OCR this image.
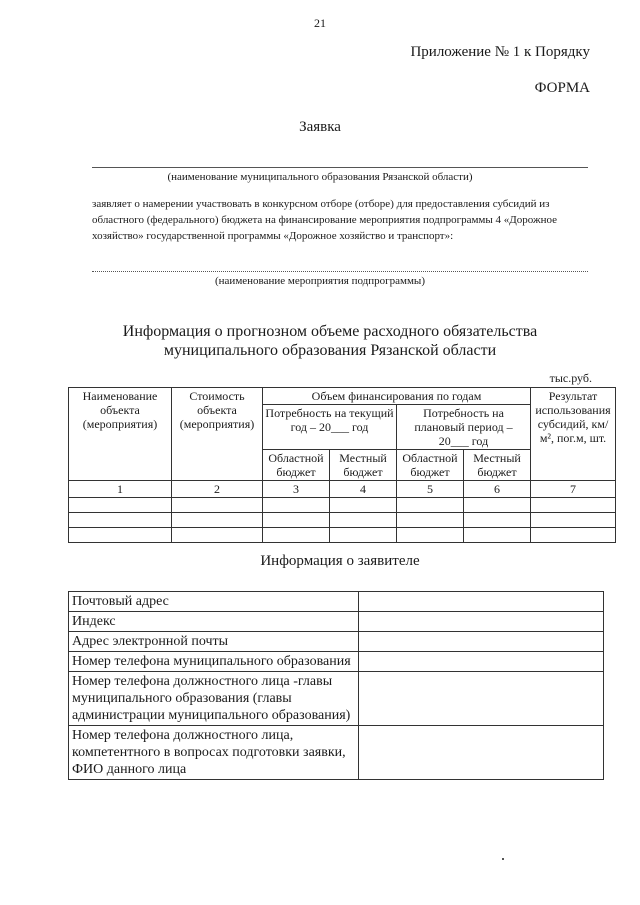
21
Приложение № 1 к Порядку
ФОРМА
Заявка
(наименование муниципального образования Рязанской области)
заявляет о намерении участвовать в конкурсном отборе (отборе) для предоставления субсидий из областного (федерального) бюджета на финансирование мероприятия подпрограммы 4 «Дорожное хозяйство» государственной программы «Дорожное хозяйство и транспорт»:
(наименование мероприятия подпрограммы)
Информация о прогнозном объеме расходного обязательства
муниципального образования Рязанской области
тыс.руб.
Наименование объекта (мероприятия)	Стоимость объекта (мероприятия)	Объем финансирования по годам				Результат использования субсидий, км/м², пог.м, шт.
		Потребность на текущий год – 20___ год		Потребность на плановый период – 20___ год		
		Областной бюджет	Местный бюджет	Областной бюджет	Местный бюджет	
1	2	3	4	5	6	7

Информация о заявителе
Почтовый адрес	
Индекс	
Адрес электронной почты	
Номер телефона муниципального образования	
Номер телефона должностного лица -главы муниципального образования (главы администрации муниципального образования)	
Номер телефона должностного лица, компетентного в вопросах подготовки заявки, ФИО данного лица	
